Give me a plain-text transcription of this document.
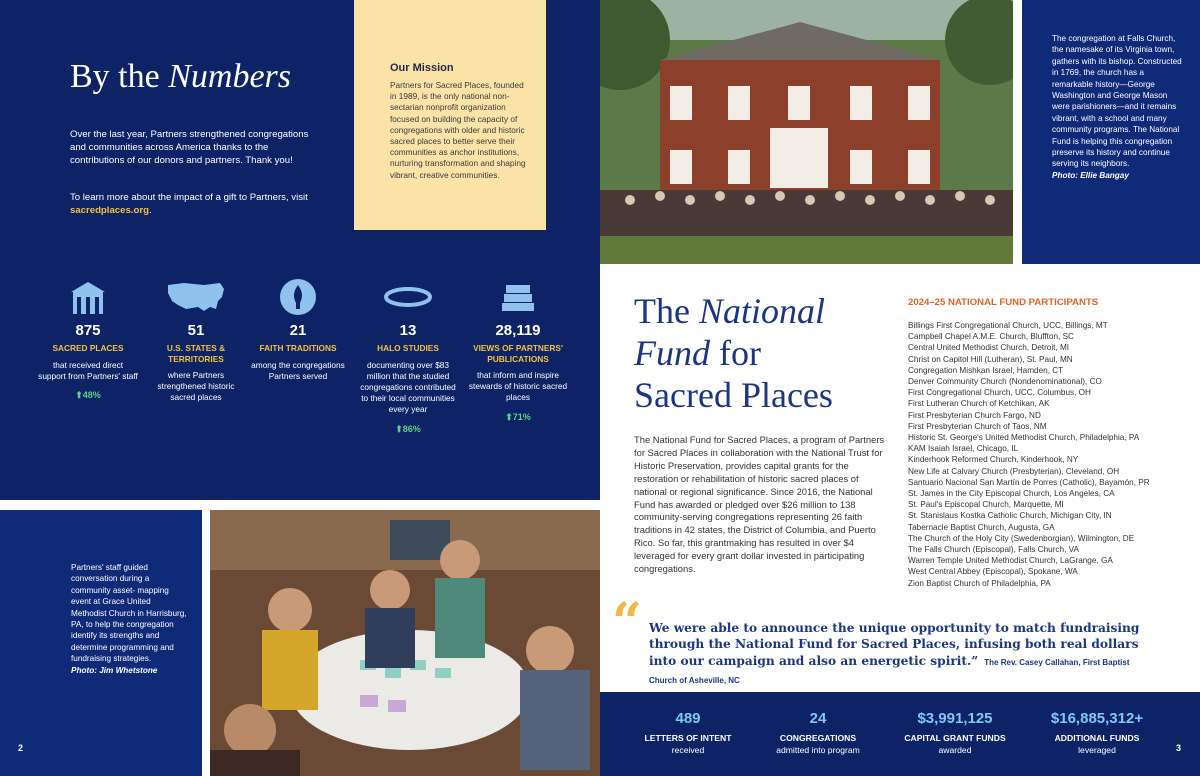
By the Numbers

Over the last year, Partners strengthened congregations and communities across America thanks to the contributions of our donors and partners. Thank you!

To learn more about the impact of a gift to Partners, visit sacredplaces.org.

Our Mission

Partners for Sacred Places, founded in 1989, is the only national non-sectarian nonprofit organization focused on building the capacity of congregations with older and historic sacred places to better serve their communities as anchor institutions, nurturing transformation and shaping vibrant, creative communities.

875
SACRED PLACES
that received direct support from Partners' staff
⬆48%
51
U.S. STATES & TERRITORIES
where Partners strengthened historic sacred places
21
FAITH TRADITIONS
among the congregations Partners served
13
HALO STUDIES
documenting over $83 million that the studied congregations contributed to their local communities every year
⬆86%
28,119
VIEWS OF PARTNERS' PUBLICATIONS
that inform and inspire stewards of historic sacred places
⬆71%
The congregation at Falls Church, the namesake of its Virginia town, gathers with its bishop. Constructed in 1769, the church has a remarkable history—George Washington and George Mason were parishioners—and it remains vibrant, with a school and many community programs. The National Fund is helping this congregation preserve its history and continue serving its neighbors.
Photo: Ellie Bangay
Partners' staff guided conversation during a community asset- mapping event at Grace United Methodist Church in Harrisburg, PA, to help the congregation identify its strengths and determine programming and fundraising strategies.
Photo: Jim Whetstone
2
The National
Fund for
Sacred Places

The National Fund for Sacred Places, a program of Partners for Sacred Places in collaboration with the National Trust for Historic Preservation, provides capital grants for the restoration or rehabilitation of historic sacred places of national or regional significance. Since 2016, the National Fund has awarded or pledged over $26 million to 138 community-serving congregations representing 26 faith traditions in 42 states, the District of Columbia, and Puerto Rico. So far, this grantmaking has resulted in over $4 leveraged for every grant dollar invested in participating congregations.

2024–25 NATIONAL FUND PARTICIPANTS
Billings First Congregational Church, UCC, Billings, MT
Campbell Chapel A.M.E. Church, Bluffton, SC
Central United Methodist Church, Detroit, MI
Christ on Capitol Hill (Lutheran), St. Paul, MN
Congregation Mishkan Israel, Hamden, CT
Denver Community Church (Nondenominational), CO
First Congregational Church, UCC, Columbus, OH
First Lutheran Church of Ketchikan, AK
First Presbyterian Church Fargo, ND
First Presbyterian Church of Taos, NM
Historic St. George's United Methodist Church, Philadelphia, PA
KAM Isaiah Israel, Chicago, IL
Kinderhook Reformed Church, Kinderhook, NY
New Life at Calvary Church (Presbyterian), Cleveland, OH
Santuario Nacional San Martín de Porres (Catholic), Bayamón, PR
St. James in the City Episcopal Church, Los Angeles, CA
St. Paul's Episcopal Church, Marquette, MI
St. Stanislaus Kostka Catholic Church, Michigan City, IN
Tabernacle Baptist Church, Augusta, GA
The Church of the Holy City (Swedenborgian), Wilmington, DE
The Falls Church (Episcopal), Falls Church, VA
Warren Temple United Methodist Church, LaGrange, GA
West Central Abbey (Episcopal), Spokane, WA
Zion Baptist Church of Philadelphia, PA
“ We were able to announce the unique opportunity to match fundraising through the National Fund for Sacred Places, infusing both real dollars into our campaign and also an energetic spirit.” The Rev. Casey Callahan, First Baptist Church of Asheville, NC
489
LETTERS OF INTENT
received
24
CONGREGATIONS
admitted into program
$3,991,125
CAPITAL GRANT FUNDS
awarded
$16,885,312+
ADDITIONAL FUNDS
leveraged	3
